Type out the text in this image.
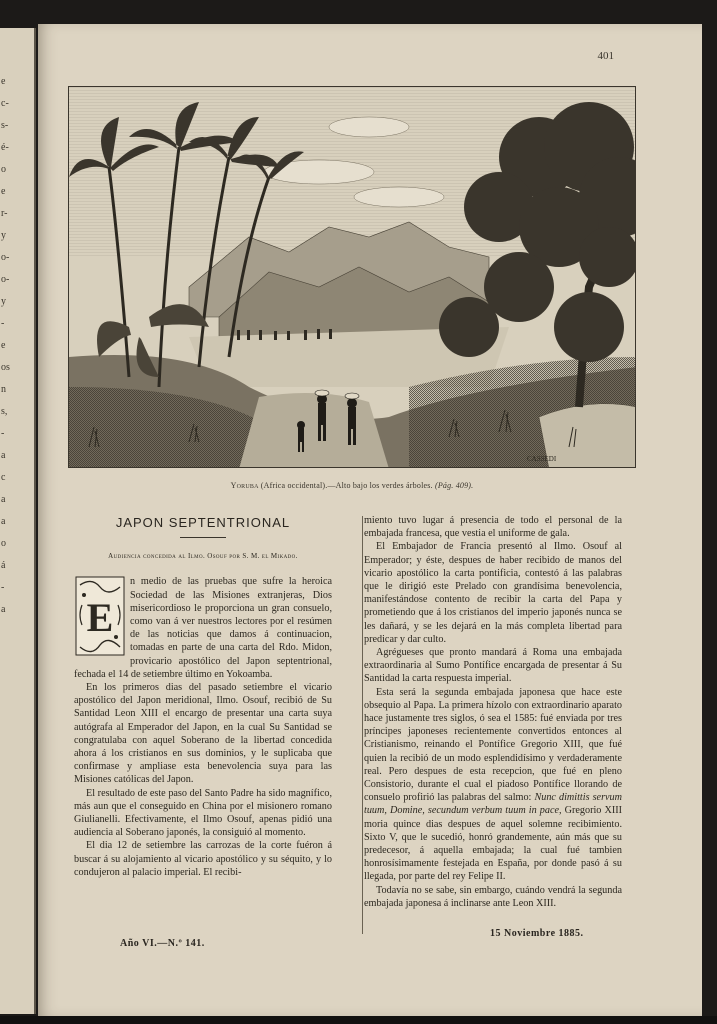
e
c-
s-
é-
o
e
r-
y
o-
o-
y
-
e
os
n
s,
-
a
c
a
a
o
á
-
a
401
CASSEDI
Yoruba (Africa occidental).—Alto bajo los verdes árboles. (Pág. 409).
JAPON SEPTENTRIONAL
Audiencia concedida al Ilmo. Osouf por S. M. el Mikado.
E

n medio de las pruebas que sufre la heroica Sociedad de las Misiones extranjeras, Dios misericordioso le proporciona un gran consuelo, como van á ver nuestros lectores por el resúmen de las noticias que damos á continuacion, tomadas en parte de una carta del Rdo. Midon, provicario apostólico del Japon septentrional, fechada el 14 de setiembre último en Yokoamba.

En los primeros dias del pasado setiembre el vicario apostólico del Japon meridional, Ilmo. Osouf, recibió de Su Santidad Leon XIII el encargo de presentar una carta suya autógrafa al Emperador del Japon, en la cual Su Santidad se congratulaba con aquel Soberano de la libertad concedida ahora á los cristianos en sus dominios, y le suplicaba que confirmase y ampliase esta benevolencia suya para las Misiones católicas del Japon.

El resultado de este paso del Santo Padre ha sido magnífico, más aun que el conseguido en China por el misionero romano Giulianelli. Efectivamente, el Ilmo Osouf, apenas pidió una audiencia al Soberano japonés, la consiguió al momento.

El dia 12 de setiembre las carrozas de la corte fuéron á buscar á su alojamiento al vicario apostólico y su séquito, y lo condujeron al palacio imperial. El recibi-

miento tuvo lugar á presencia de todo el personal de la embajada francesa, que vestia el uniforme de gala.

El Embajador de Francia presentó al Ilmo. Osouf al Emperador; y éste, despues de haber recibido de manos del vicario apostólico la carta pontificia, contestó á las palabras que le dirigió este Prelado con grandísima benevolencia, manifestándose contento de recibir la carta del Papa y prometiendo que á los cristianos del imperio japonés nunca se les dañará, y se les dejará en la más completa libertad para predicar y dar culto.

Agrégueses que pronto mandará á Roma una embajada extraordinaria al Sumo Pontífice encargada de presentar á Su Santidad la carta respuesta imperial.

Esta será la segunda embajada japonesa que hace este obsequio al Papa. La primera hízolo con extraordinario aparato hace justamente tres siglos, ó sea el 1585: fué enviada por tres príncipes japoneses recientemente convertidos entonces al Cristianismo, reinando el Pontífice Gregorio XIII, que fué quien la recibió de un modo esplendidísimo y verdaderamente real. Pero despues de esta recepcion, que fué en pleno Consistorio, durante el cual el piadoso Pontífice llorando de consuelo profirió las palabras del salmo: Nunc dimittis servum tuum, Domine, secundum verbum tuum in pace, Gregorio XIII moria quince dias despues de aquel solemne recibimiento. Sixto V, que le sucedió, honró grandemente, aún más que su predecesor, á aquella embajada; la cual fué tambien honrosísimamente festejada en España, por donde pasó á su llegada, por parte del rey Felipe II.

Todavía no se sabe, sin embargo, cuándo vendrá la segunda embajada japonesa á inclinarse ante Leon XIII.

Año VI.—N.º 141.
15 Noviembre 1885.
